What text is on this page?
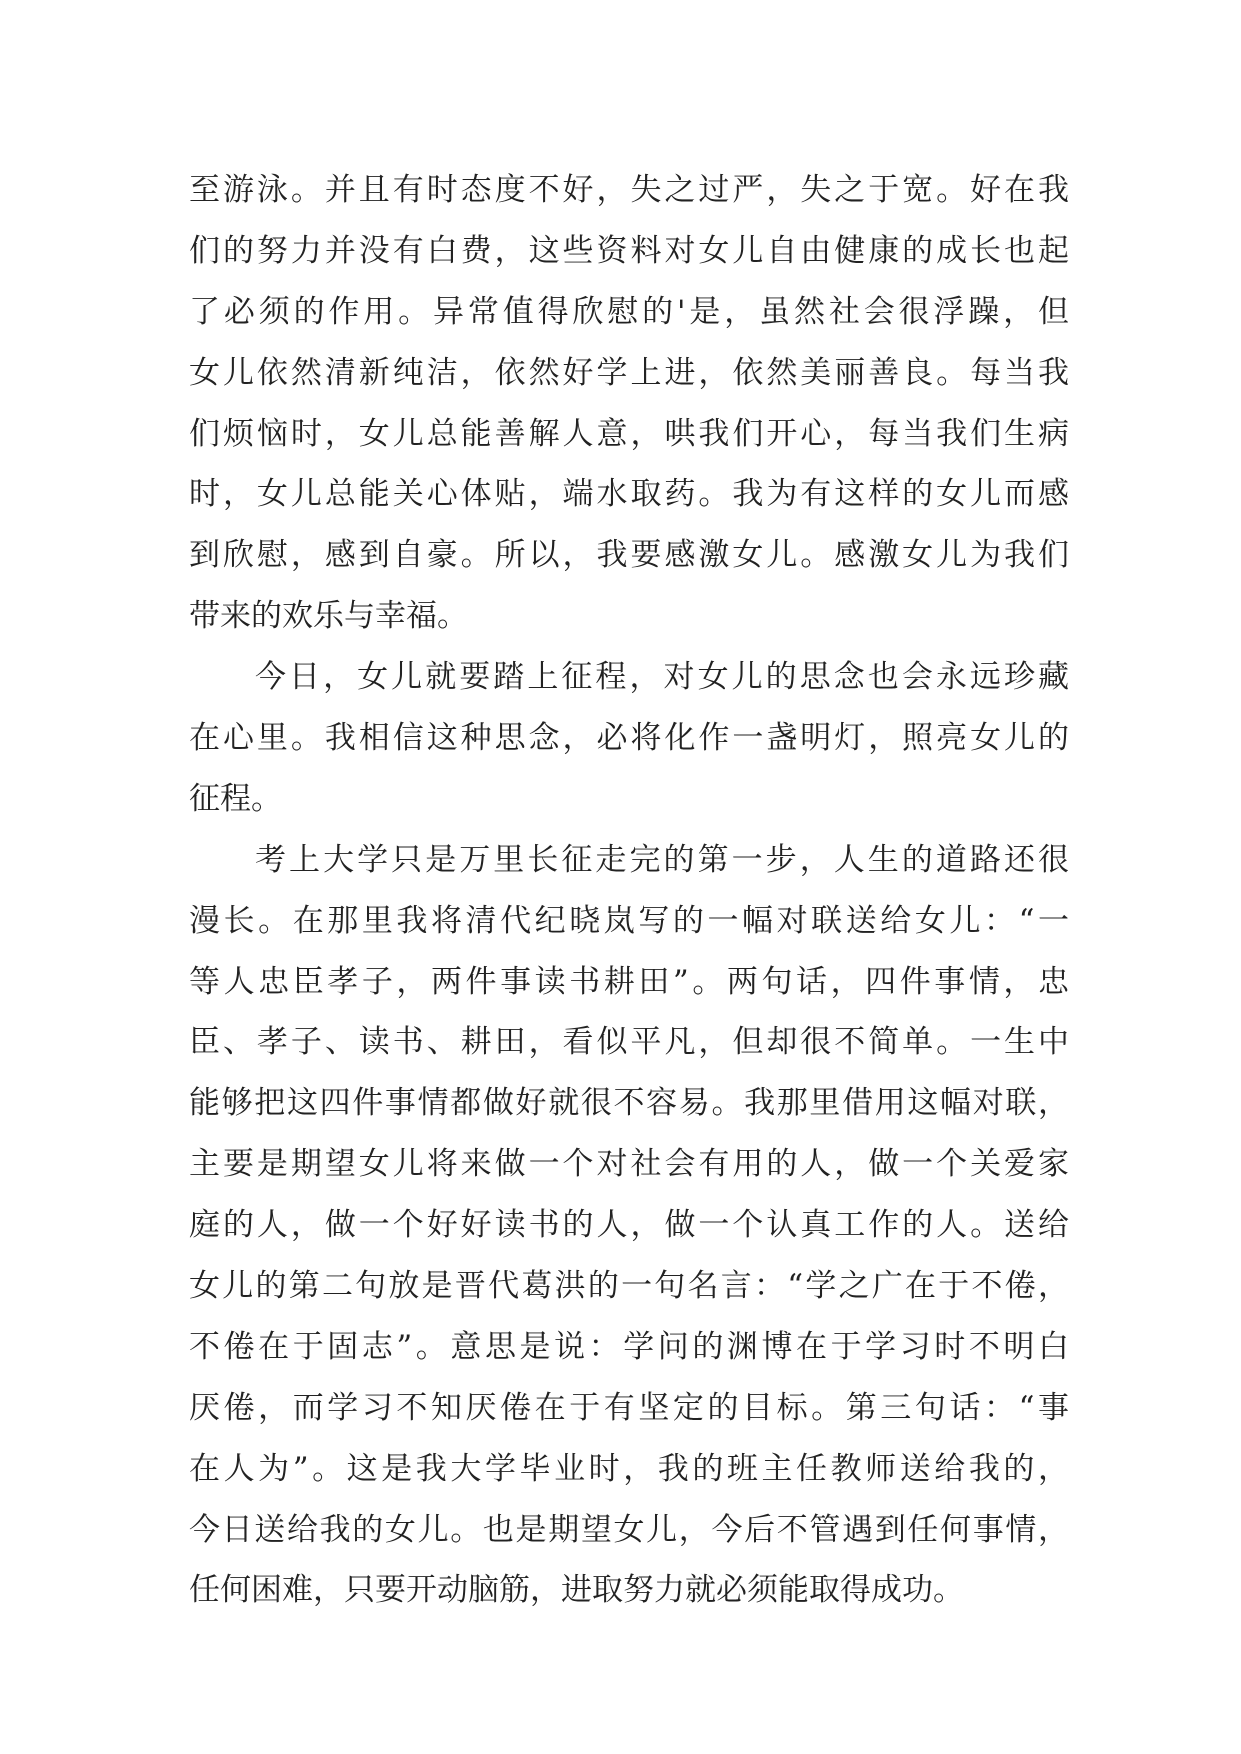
至游泳。并且有时态度不好，失之过严，失之于宽。好在我
们的努力并没有白费，这些资料对女儿自由健康的成长也起
了必须的作用。异常值得欣慰的'是，虽然社会很浮躁，但
女儿依然清新纯洁，依然好学上进，依然美丽善良。每当我
们烦恼时，女儿总能善解人意，哄我们开心，每当我们生病
时，女儿总能关心体贴，端水取药。我为有这样的女儿而感
到欣慰，感到自豪。所以，我要感激女儿。感激女儿为我们
带来的欢乐与幸福。
今日，女儿就要踏上征程，对女儿的思念也会永远珍藏
在心里。我相信这种思念，必将化作一盏明灯，照亮女儿的
征程。
考上大学只是万里长征走完的第一步，人生的道路还很
漫长。在那里我将清代纪晓岚写的一幅对联送给女儿：“一
等人忠臣孝子，两件事读书耕田”。两句话，四件事情，忠
臣、孝子、读书、耕田，看似平凡，但却很不简单。一生中
能够把这四件事情都做好就很不容易。我那里借用这幅对联，
主要是期望女儿将来做一个对社会有用的人，做一个关爱家
庭的人，做一个好好读书的人，做一个认真工作的人。送给
女儿的第二句放是晋代葛洪的一句名言：“学之广在于不倦，
不倦在于固志”。意思是说：学问的渊博在于学习时不明白
厌倦，而学习不知厌倦在于有坚定的目标。第三句话：“事
在人为”。这是我大学毕业时，我的班主任教师送给我的，
今日送给我的女儿。也是期望女儿，今后不管遇到任何事情，
任何困难，只要开动脑筋，进取努力就必须能取得成功。
